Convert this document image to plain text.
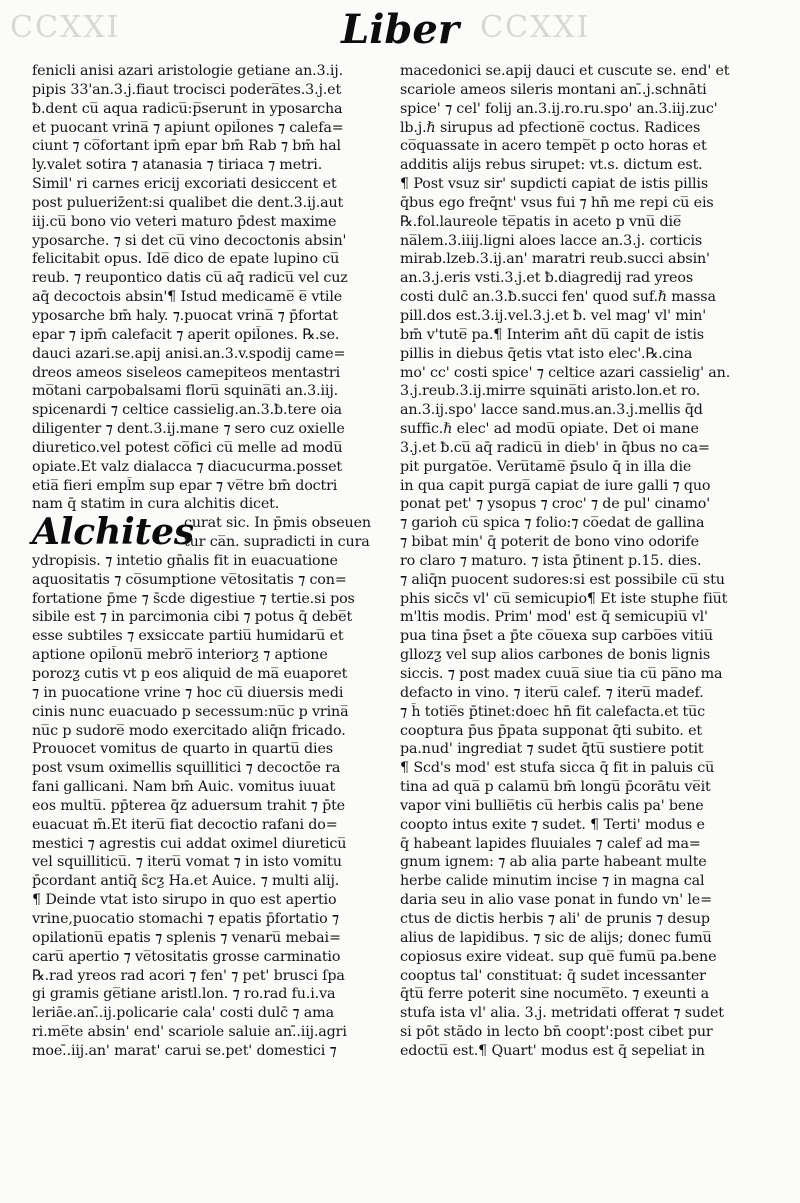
CCXXI	CCXXI
Liber
fenicli anisi azari aristologie getiane an.3.ij.
pipis 33'an.3.j.fiaut trocisci podera̅tes.3.j.et
ƀ.dent cu̅ aqua radicu̅:p̅serunt in yposarcha
et puocant vrina̅ ⁊ apiunt opil̄ones ⁊ calefa=
ciunt ⁊ co̅fortant ipm̄ epar bm̄ Rab ⁊ bm̄ hal
ly.valet sotira ⁊ atanasia ⁊ tiriaca ⁊ metri.
Simil' ri carnes ericij excoriati desiccent et
post pulueriz̄ent:si qualibet die dent.3.ij.aut
iij.cu̅ bono vio veteri maturo p̄dest maxime
yposarche. ⁊ si det cu̅ vino decoctonis absin'
felicitabit opus. Ide̅ dico de epate lupino cu̅
reub. ⁊ reupontico datis cu̅ aq̄ radicu̅ vel cuz
aq̄ decoctois absin'¶ Istud medicame̅ e̅ vtile
yposarche bm̄ haly. ⁊.puocat vrina̅ ⁊ p̄fortat
epar ⁊ ipm̄ calefacit ⁊ aperit opil̄ones. ℞.se.
dauci azari.se.apij anisi.an.3.v.spodij came=
dreos ameos siseleos camepiteos mentastri
mo̅tani carpobalsami floru̅ squina̅ti an.3.iij.
spicenardi ⁊ celtice cassielig.an.3.ƀ.tere oia
diligenter ⁊ dent.3.ij.mane ⁊ sero cuz oxielle
diuretico.vel potest co̅fici cu̅ melle ad modu̅
opiate.Et valz dialacca ⁊ diacucurma.posset
etia̅ fieri empl̄m sup epar ⁊ ve̅tre bm̄ doctri
nam q̄ statim in cura alchitis dicet.
Alchites
curat sic. In p̄mis obseuen
tur ca̅n. supradicti in cura
ydropisis. ⁊ intetio gn̄alis fit in euacuatione
aquositatis ⁊ co̅sumptione ve̅tositatis ⁊ con=
fortatione p̄me ⁊ s̄cde digestiue ⁊ tertie.si pos
sibile est ⁊ in parcimonia cibi ⁊ potus q̄ debe̅t
esse subtiles ⁊ exsiccate partiu̅ humidaru̅ et
aptione opil̄onu̅ mebro̅ interiorƺ ⁊ aptione
porozƺ cutis vt p eos aliquid de ma̅ euaporet
⁊ in puocatione vrine ⁊ hoc cu̅ diuersis medi
cinis nunc euacuado p secessum:nu̅c p vrina̅
nu̅c p sudore̅ modo exercitado aliq̄n fricado.
Prouocet vomitus de quarto in quartu̅ dies
post vsum oximellis squillitici ⁊ decoctōe ra
fani gallicani. Nam bm̄ Auic. vomitus iuuat
eos multu̅. pp̄terea q̄z aduersum trahit ⁊ p̄te
euacuat m̄.Et iteru̅ fiat decoctio rafani do=
mestici ⁊ agrestis cui addat oximel diureticu̅
vel squilliticu̅. ⁊ iteru̅ vomat ⁊ in isto vomitu
p̄cordant antiq̄ s̄cƺ Ha.et Auice. ⁊ multi alij.
¶ Deinde vtat isto sirupo in quo est apertio
vrine,puocatio stomachi ⁊ epatis p̄fortatio ⁊
opilationu̅ epatis ⁊ splenis ⁊ venaru̅ mebai=
caru̅ apertio ⁊ ve̅tositatis grosse carminatio
℞.rad yreos rad acori ⁊ fen' ⁊ pet' brusci ſpa
gi gramis ge̅tiane aristl.lon. ⁊ ro.rad fu.i.va
leriāe.an.̄.ij.policarie cala' costi dulc̄ ⁊ ama
ri.me̅te absin' end' scariole saluie an.̄.iij.agri
moe.̄.iij.an' marat' carui se.pet' domestici ⁊
macedonici se.apij dauci et cuscute se. end' et
scariole ameos sileris montani an.̄.j.schnāti
spice' ⁊ cel' folij an.3.ij.ro.ru.spo' an.3.iij.zuc'
lb.j.ℏ sirupus ad pfectione̅ coctus. Radices
co̅quassate in acero tempe̅t p octo horas et
additis alijs rebus sirupet: vt.s. dictum est.
¶ Post vsuz sir' supdicti capiat de istis pillis
q̄bus ego freq̄nt' vsus fui ⁊ hn̄ me repi cu̅ eis
℞.fol.laureole te̅patis in aceto p vnu̅ die̅
na̅lem.3.iiij.ligni aloes lacce an.3.j. corticis
mirab.lzeb.3.ij.an' maratri reub.succi absin'
an.3.j.eris vsti.3.j.et ƀ.diagredij rad yreos
costi dulc̄ an.3.ƀ.succi fen' quod suf.ℏ massa
pill.dos est.3.ij.vel.3.j.et ƀ. vel mag' vl' min'
bm̄ v'tute̅ pa.¶ Interim an̄t du̅ capit de istis
pillis in diebus q̄etis vtat isto elec'.℞.cina
mo' cc' costi spice' ⁊ celtice azari cassielig' an.
3.j.reub.3.ij.mirre squina̅ti aristo.lon.et ro.
an.3.ij.spo' lacce sand.mus.an.3.j.mellis q̄d
suffic.ℏ elec' ad modu̅ opiate. Det oi mane
3.j.et ƀ.cu̅ aq̄ radicu̅ in dieb' in q̄bus no ca=
pit purgato̅e. Veru̅tame̅ p̄sulo q̄ in illa die
in qua capit purga̅ capiat de iure galli ⁊ quo
ponat pet' ⁊ ysopus ⁊ croc' ⁊ de pul' cinamo'
⁊ garioh cu̅ spica ⁊ folio:⁊ co̅edat de gallina
⁊ bibat min' q̄ poterit de bono vino odorife
ro claro ⁊ maturo. ⁊ ista p̄tinent p.15. dies.
⁊ aliq̄n puocent sudores:si est possibile cu̅ stu
phis sicc̄s vl' cu̅ semicupio¶ Et iste stuphe fiu̅t
m'ltis modis. Prim' mod' est q̄ semicupiu̅ vl'
pua tina p̄set a p̄te co̅uexa sup carbo̅es vitiu̅
gllozƺ vel sup alios carbones de bonis lignis
siccis. ⁊ post madex cuua̅ siue tia cu̅ pa̅no ma
defacto in vino. ⁊ iteru̅ calef. ⁊ iteru̅ madef.
⁊ h̄ totie̅s p̄tinet:doec hn̄ fit calefacta.et tu̅c
cooptura p̄us p̄pata supponat q̄ti subito. et
pa.nud' ingrediat ⁊ sudet q̄tu̅ sustiere potit
¶ Scd's mod' est stufa sicca q̄ fit in paluis cu̅
tina ad qua̅ p calamu̅ bm̄ longu̅ p̄corātu ve̅it
vapor vini bullie̅tis cu̅ herbis calis pa' bene
coopto intus exite ⁊ sudet. ¶ Terti' modus e
q̄ habeant lapides fluuiales ⁊ calef ad ma=
gnum ignem: ⁊ ab alia parte habeant multe
herbe calide minutim incise ⁊ in magna cal
daria seu in alio vase ponat in fundo vn' le=
ctus de dictis herbis ⁊ ali' de prunis ⁊ desup
alius de lapidibus. ⁊ sic de alijs; donec fumu̅
copiosus exire videat. sup que̅ fumu̅ pa.bene
cooptus tal' constituat: q̄ sudet incessanter
q̄tu̅ ferre poterit sine nocume̅to. ⁊ exeunti a
stufa ista vl' alia. 3.j. metridati offerat ⁊ sudet
si pōt stādo in lecto bn̄ coopt':post cibet pur
edoctu̅ est.¶ Quart' modus est q̄ sepeliat in
